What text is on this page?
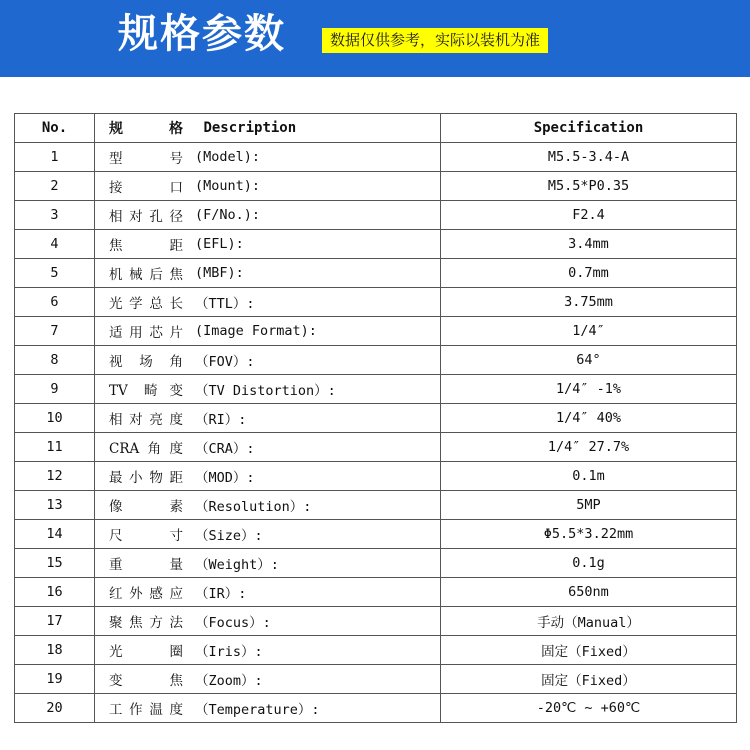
规格参数	数据仅供参考，实际以装机为准
No.	规 格 Description	Specification
1	型号 (Model):	M5.5-3.4-A
2	接口 (Mount):	M5.5*P0.35
3	相对孔径 (F/No.):	F2.4
4	焦距 (EFL):	3.4mm
5	机械后焦 (MBF):	0.7mm
6	光学总长 （TTL）:	3.75mm
7	适用芯片 (Image Format):	1/4″
8	视场角 （FOV）:	64°
9	TV 畸变 （TV Distortion）:	1/4″ -1%
10	相对亮度 （RI）:	1/4″ 40%
11	CRA角度 （CRA）:	1/4″ 27.7%
12	最小物距 （MOD）:	0.1m
13	像素 （Resolution）:	5MP
14	尺寸 （Size）:	Φ5.5*3.22mm
15	重量 （Weight）:	0.1g
16	红外感应 （IR）:	650nm
17	聚焦方法 （Focus）:	手动（Manual）
18	光圈 （Iris）:	固定（Fixed）
19	变焦 （Zoom）:	固定（Fixed）
20	工作温度 （Temperature）:	-20℃ ~ +60℃
